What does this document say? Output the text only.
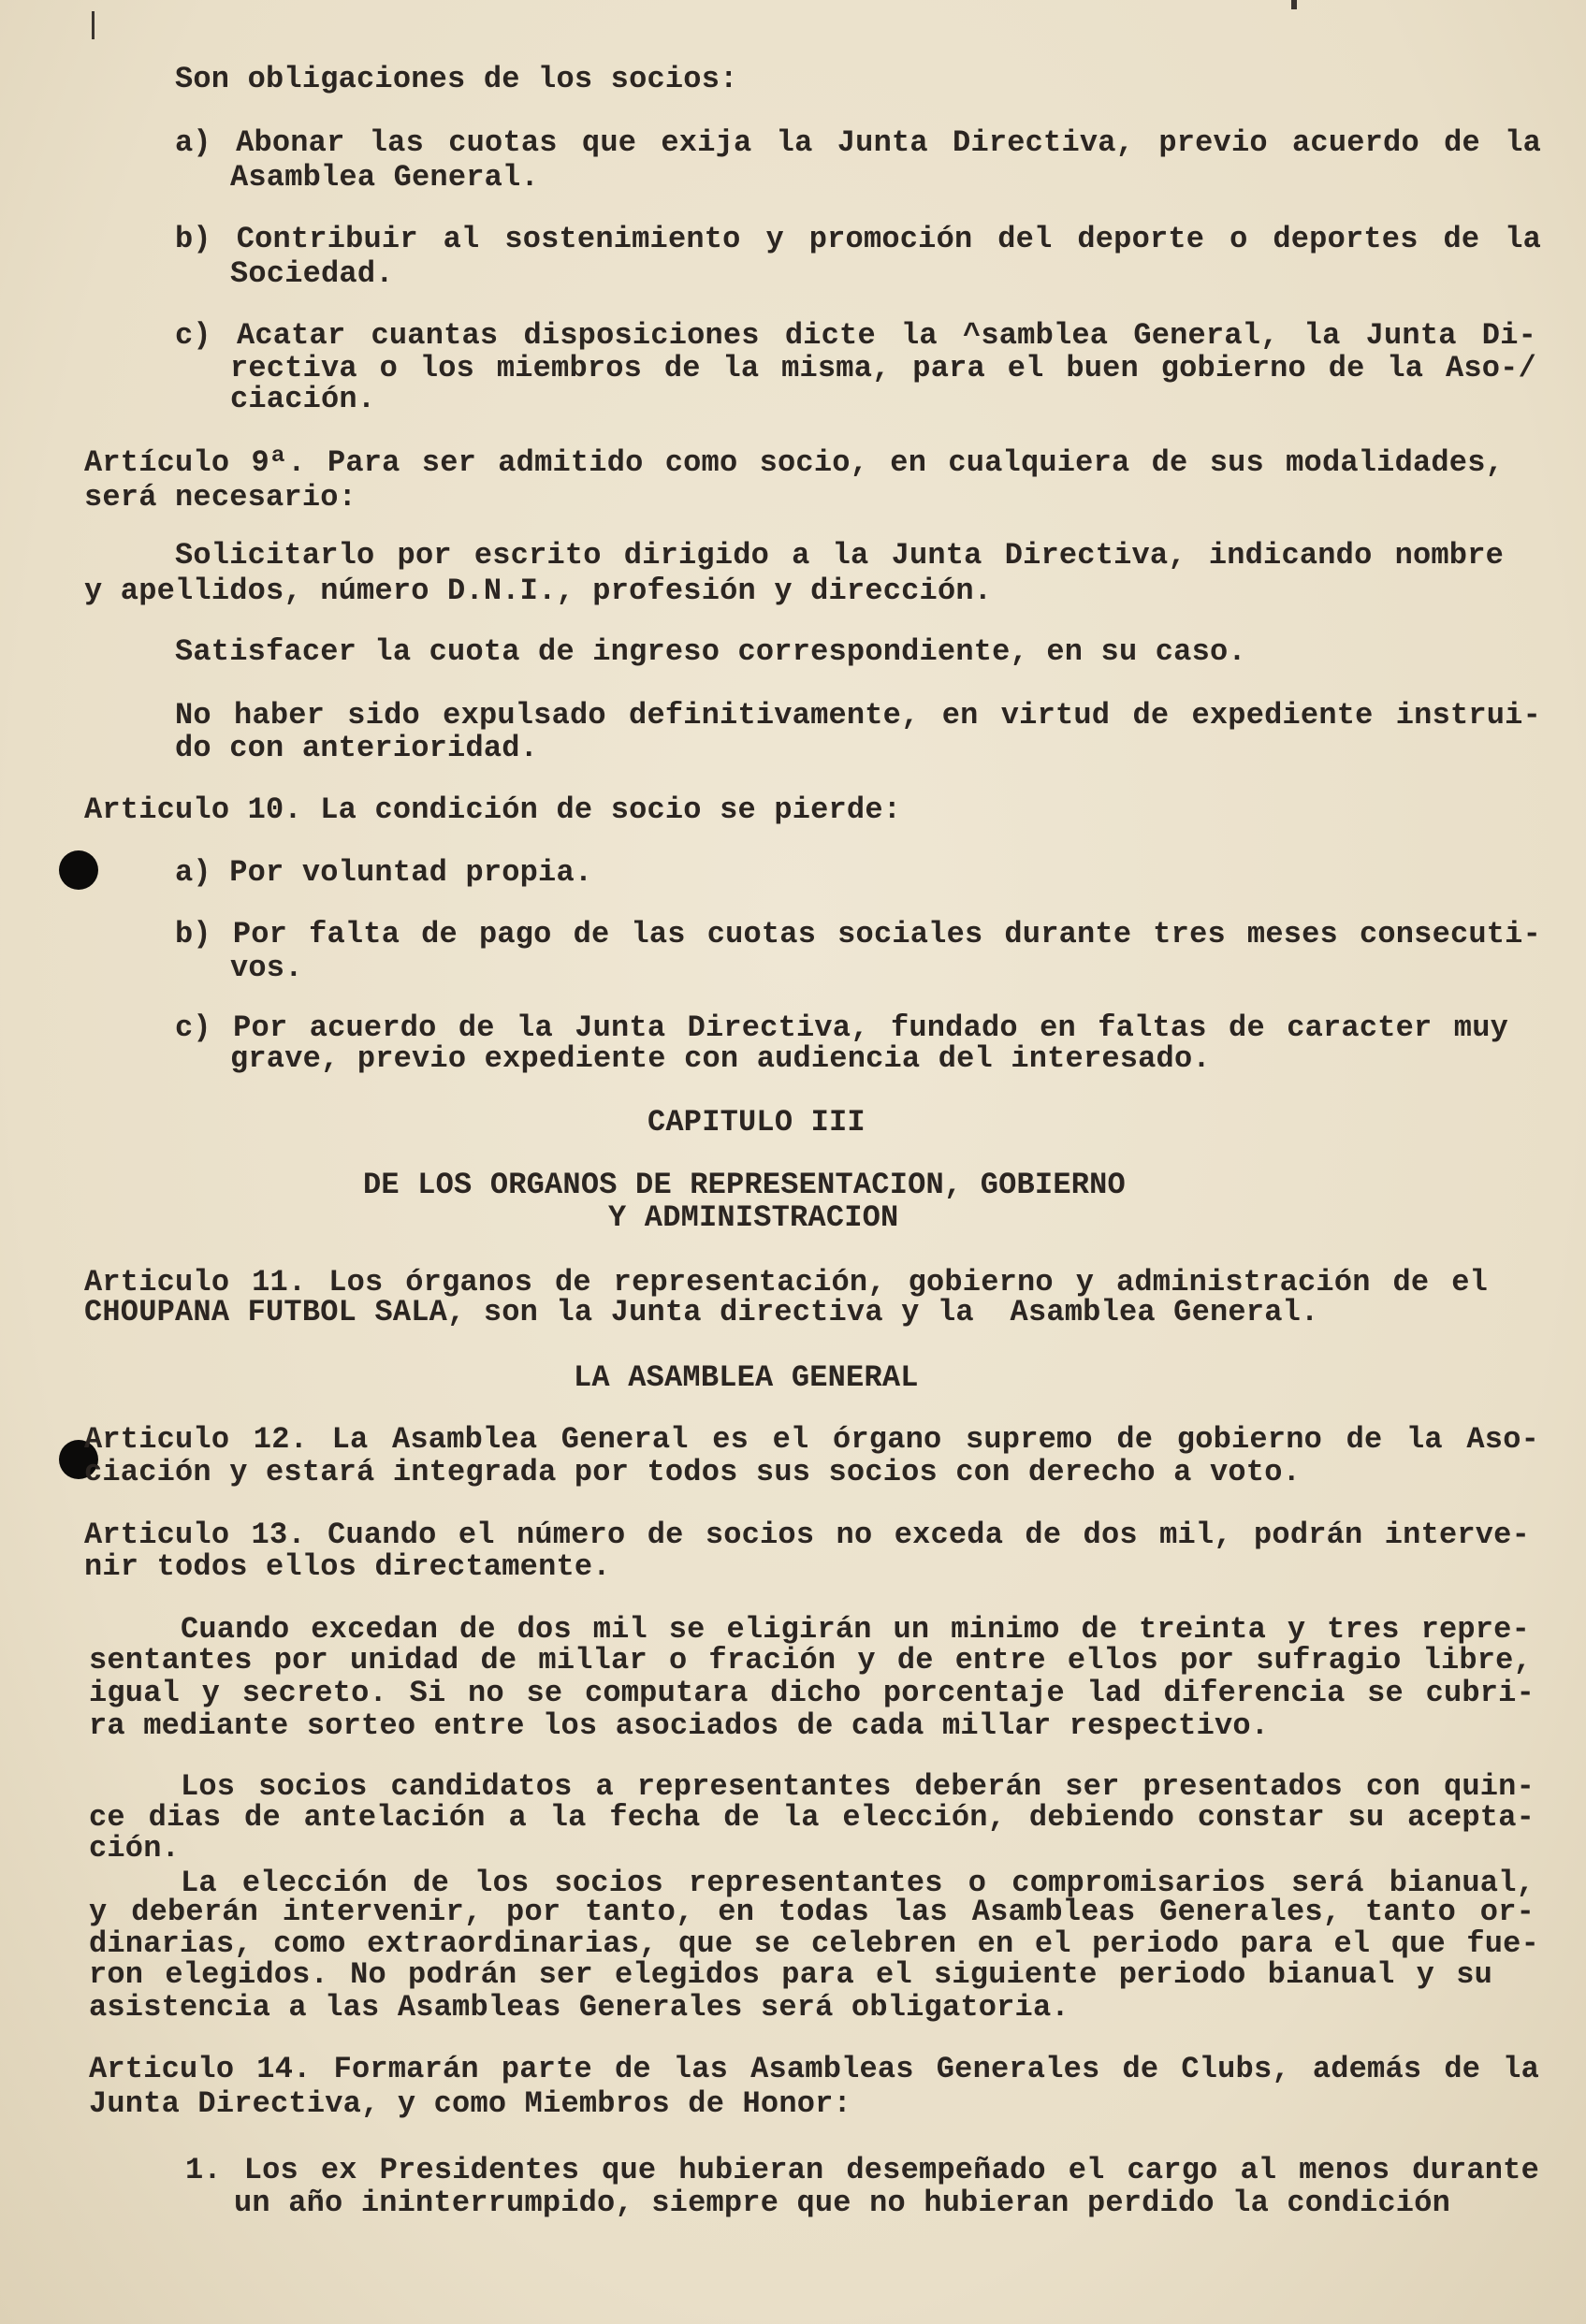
Son obligaciones de los socios:
a) Abonar las cuotas que exija la Junta Directiva, previo acuerdo de la
Asamblea General.
b) Contribuir al sostenimiento y promoción del deporte o deportes de la
Sociedad.
c) Acatar cuantas disposiciones dicte la ^samblea General, la Junta Di-
rectiva o los miembros de la misma, para el buen gobierno de la Aso-/
ciación.
Artículo 9ª. Para ser admitido como socio, en cualquiera de sus modalidades,
será necesario:
Solicitarlo por escrito dirigido a la Junta Directiva, indicando nombre
y apellidos, número D.N.I., profesión y dirección.
Satisfacer la cuota de ingreso correspondiente, en su caso.
No haber sido expulsado definitivamente, en virtud de expediente instrui-
do con anterioridad.
Articulo 10. La condición de socio se pierde:
a) Por voluntad propia.
b) Por falta de pago de las cuotas sociales durante tres meses consecuti-
vos.
c) Por acuerdo de la Junta Directiva, fundado en faltas de caracter muy
grave, previo expediente con audiencia del interesado.
CAPITULO III
DE LOS ORGANOS DE REPRESENTACION, GOBIERNO
Y ADMINISTRACION
Articulo 11. Los órganos de representación, gobierno y administración de el
CHOUPANA FUTBOL SALA, son la Junta directiva y la  Asamblea General.
LA ASAMBLEA GENERAL
Articulo 12. La Asamblea General es el órgano supremo de gobierno de la Aso-
ciación y estará integrada por todos sus socios con derecho a voto.
Articulo 13. Cuando el número de socios no exceda de dos mil, podrán interve-
nir todos ellos directamente.
Cuando excedan de dos mil se eligirán un minimo de treinta y tres repre-
sentantes por unidad de millar o fración y de entre ellos por sufragio libre,
igual y secreto. Si no se computara dicho porcentaje lad diferencia se cubri-
ra mediante sorteo entre los asociados de cada millar respectivo.
Los socios candidatos a representantes deberán ser presentados con quin-
ce dias de antelación a la fecha de la elección, debiendo constar su acepta-
ción.
La elección de los socios representantes o compromisarios será bianual,
y deberán intervenir, por tanto, en todas las Asambleas Generales, tanto or-
dinarias, como extraordinarias, que se celebren en el periodo para el que fue-
ron elegidos. No podrán ser elegidos para el siguiente periodo bianual y su
asistencia a las Asambleas Generales será obligatoria.
Articulo 14. Formarán parte de las Asambleas Generales de Clubs, además de la
Junta Directiva, y como Miembros de Honor:
1. Los ex Presidentes que hubieran desempeñado el cargo al menos durante
un año ininterrumpido, siempre que no hubieran perdido la condición
